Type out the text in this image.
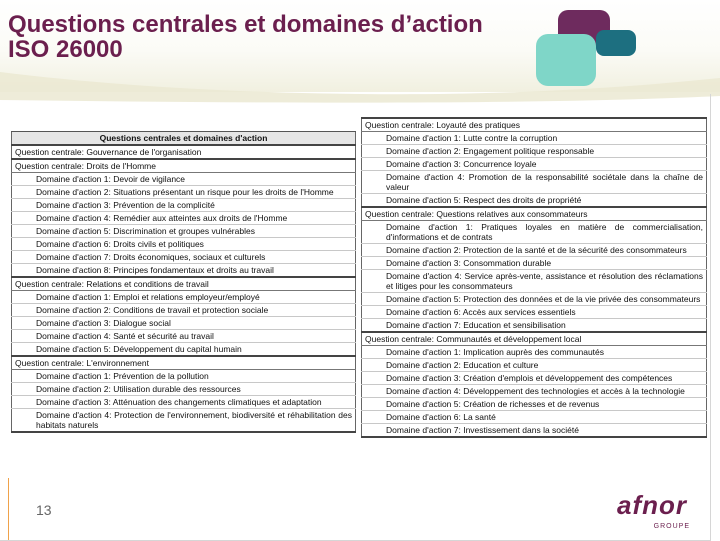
Questions centrales et domaines d’action
ISO 26000
Questions centrales et domaines d'action
Question centrale: Gouvernance de l'organisation
Question centrale: Droits de l'Homme
Domaine d'action 1: Devoir de vigilance
Domaine d'action 2: Situations présentant un risque pour les droits de l'Homme
Domaine d'action 3: Prévention de la complicité
Domaine d'action 4: Remédier aux atteintes aux droits de l'Homme
Domaine d'action 5: Discrimination et groupes vulnérables
Domaine d'action 6: Droits civils et politiques
Domaine d'action 7: Droits économiques, sociaux et culturels
Domaine d'action 8: Principes fondamentaux et droits au travail
Question centrale: Relations et conditions de travail
Domaine d'action 1: Emploi et relations employeur/employé
Domaine d'action 2: Conditions de travail et protection sociale
Domaine d'action 3: Dialogue social
Domaine d'action 4: Santé et sécurité au travail
Domaine d'action 5: Développement du capital humain
Question centrale: L'environnement
Domaine d'action 1: Prévention de la pollution
Domaine d'action 2: Utilisation durable des ressources
Domaine d'action 3: Atténuation des changements climatiques et adaptation
Domaine d'action 4: Protection de l'environnement, biodiversité et réhabilitation des habitats naturels
Question centrale: Loyauté des pratiques
Domaine d'action 1: Lutte contre la corruption
Domaine d'action 2: Engagement politique responsable
Domaine d'action 3: Concurrence loyale
Domaine d'action 4: Promotion de la responsabilité sociétale dans la chaîne de valeur
Domaine d'action 5: Respect des droits de propriété
Question centrale: Questions relatives aux consommateurs
Domaine d'action 1: Pratiques loyales en matière de commercialisation, d'informations et de contrats
Domaine d'action 2: Protection de la santé et de la sécurité des consommateurs
Domaine d'action 3: Consommation durable
Domaine d'action 4: Service après-vente, assistance et résolution des réclamations et litiges pour les consommateurs
Domaine d'action 5: Protection des données et de la vie privée des consommateurs
Domaine d'action 6: Accès aux services essentiels
Domaine d'action 7: Education et sensibilisation
Question centrale: Communautés et développement local
Domaine d'action 1: Implication auprès des communautés
Domaine d'action 2: Education et culture
Domaine d'action 3: Création d'emplois et développement des compétences
Domaine d'action 4: Développement des technologies et accès à la technologie
Domaine d'action 5: Création de richesses et de revenus
Domaine d'action 6: La santé
Domaine d'action 7: Investissement dans la société
13	afnor
GROUPE
